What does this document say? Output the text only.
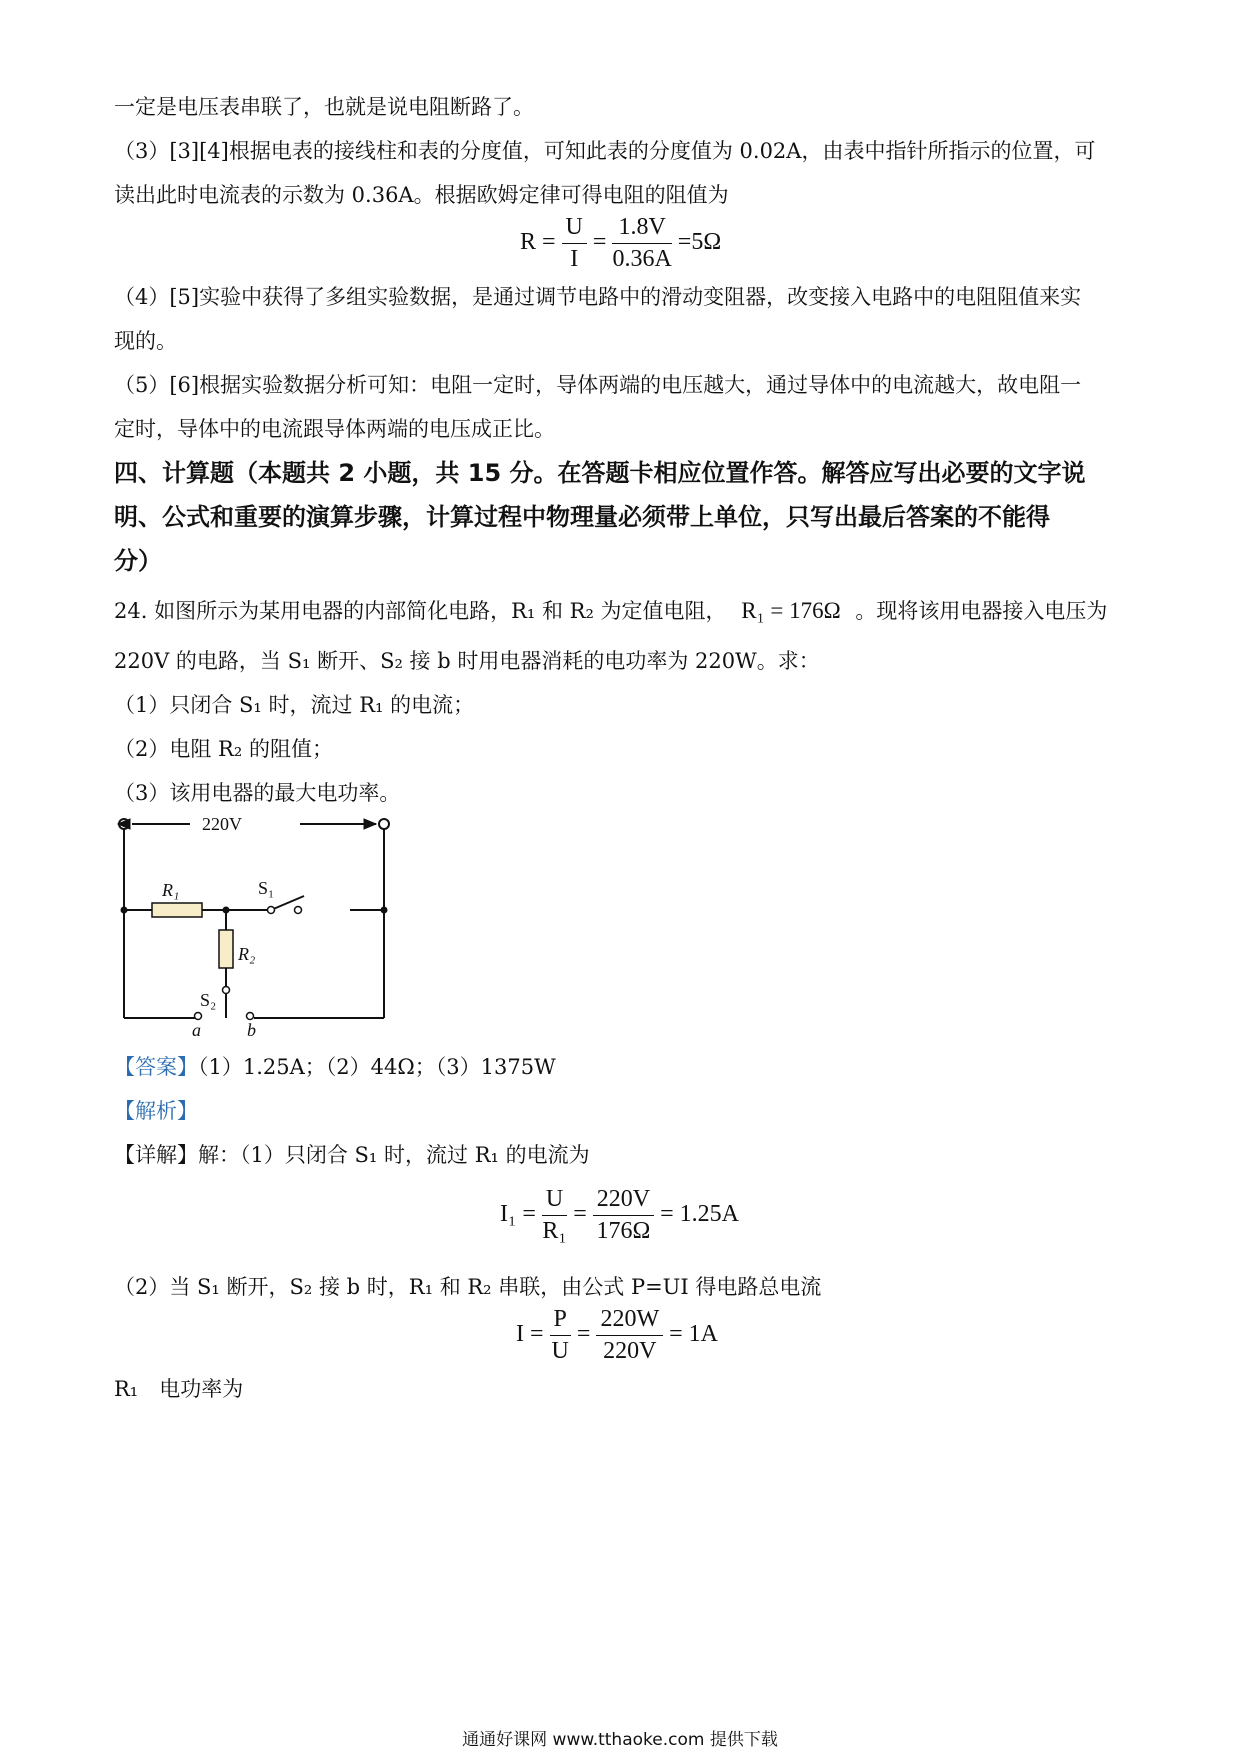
一定是电压表串联了，也就是说电阻断路了。
（3）[3][4]根据电表的接线柱和表的分度值，可知此表的分度值为 0.02A，由表中指针所指示的位置，可
读出此时电流表的示数为 0.36A。根据欧姆定律可得电阻的阻值为
$R = \frac{U}{I} = \frac{1.8V}{0.36A} =5\Omega$
（4）[5]实验中获得了多组实验数据，是通过调节电路中的滑动变阻器，改变接入电路中的电阻阻值来实
现的。
（5）[6]根据实验数据分析可知：电阻一定时，导体两端的电压越大，通过导体中的电流越大，故电阻一
定时，导体中的电流跟导体两端的电压成正比。
四、计算题（本题共 2 小题，共 15 分。在答题卡相应位置作答。解答应写出必要的文字说
明、公式和重要的演算步骤，计算过程中物理量必须带上单位，只写出最后答案的不能得
分）
24. 如图所示为某用电器的内部简化电路，R₁ 和 R₂ 为定值电阻， R₁ = 176Ω 。现将该用电器接入电压为
220V 的电路，当 S₁ 断开、S₂ 接 b 时用电器消耗的电功率为 220W。求：
（1）只闭合 S₁ 时，流过 R₁ 的电流；
（2）电阻 R₂ 的阻值；
（3）该用电器的最大电功率。
220V
R₁
R₂
S₁
S₂
a	b
【答案】（1）1.25A；（2）44Ω；（3）1375W
【解析】
【详解】解：（1）只闭合 S₁ 时，流过 R₁ 的电流为
$I_1 = \frac{U}{\text{R₁}} = \frac{220V}{176\Omega} = 1.25A$
（2）当 S₁ 断开，S₂ 接 b 时，R₁ 和 R₂ 串联，由公式 P=UI 得电路总电流
$I = \frac{P}{U} = \frac{220W}{220V} = 1A$
R₁　电功率为
通通好课网 www.tthaoke.com 提供下载
